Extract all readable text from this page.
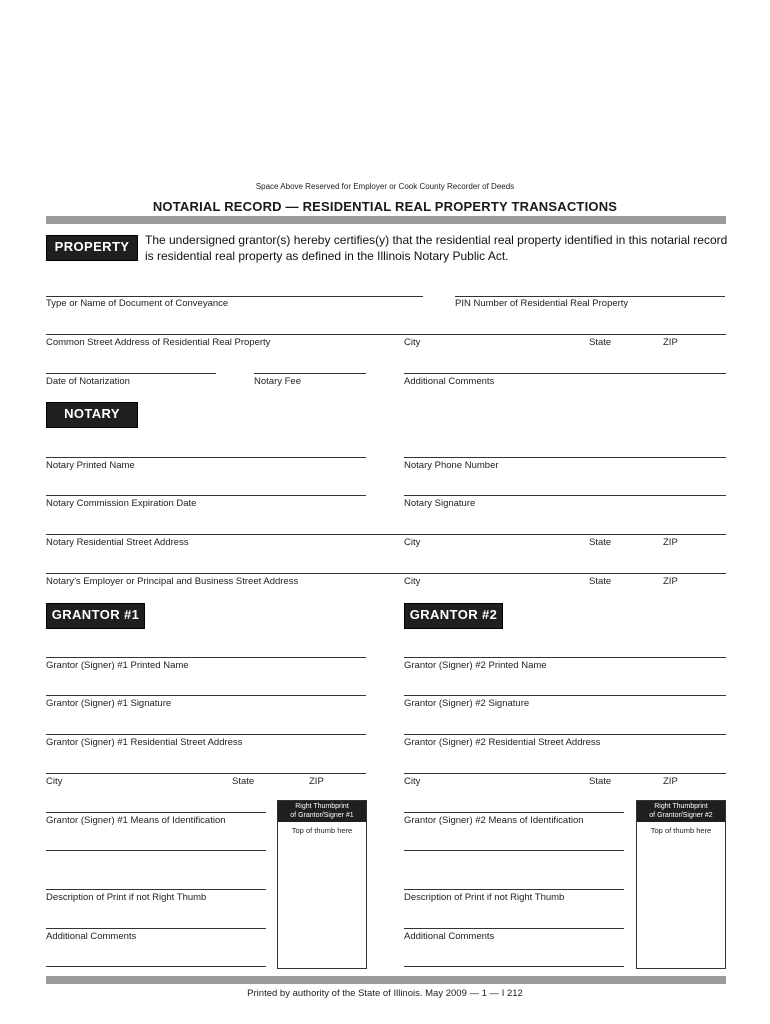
Space Above Reserved for Employer or Cook County Recorder of Deeds
NOTARIAL RECORD — RESIDENTIAL REAL PROPERTY TRANSACTIONS
PROPERTY	The undersigned grantor(s) hereby certifies(y) that the residential real property identified in this notarial record is residential real property as defined in the Illinois Notary Public Act.
Type or Name of Document of Conveyance	PIN Number of Residential Real Property
Common Street Address of Residential Real Property	City	State	ZIP
Date of Notarization	Notary Fee	Additional Comments
NOTARY
Notary Printed Name	Notary Phone Number
Notary Commission Expiration Date	Notary Signature
Notary Residential Street Address	City	State	ZIP
Notary’s Employer or Principal and Business Street Address	City	State	ZIP
GRANTOR #1	GRANTOR #2
Grantor (Signer) #1 Printed Name
Grantor (Signer) #1 Signature
Grantor (Signer) #1 Residential Street Address
City	State	ZIP
Grantor (Signer) #1 Means of Identification
Description of Print if not Right Thumb
Additional Comments
Right Thumbprint
of Grantor/Signer #1
Top of thumb here
Grantor (Signer) #2 Printed Name
Grantor (Signer) #2 Signature
Grantor (Signer) #2 Residential Street Address
City	State	ZIP
Grantor (Signer) #2 Means of Identification
Description of Print if not Right Thumb
Additional Comments
Right Thumbprint
of Grantor/Signer #2
Top of thumb here
Printed by authority of the State of Illinois. May 2009 — 1 — I 212
